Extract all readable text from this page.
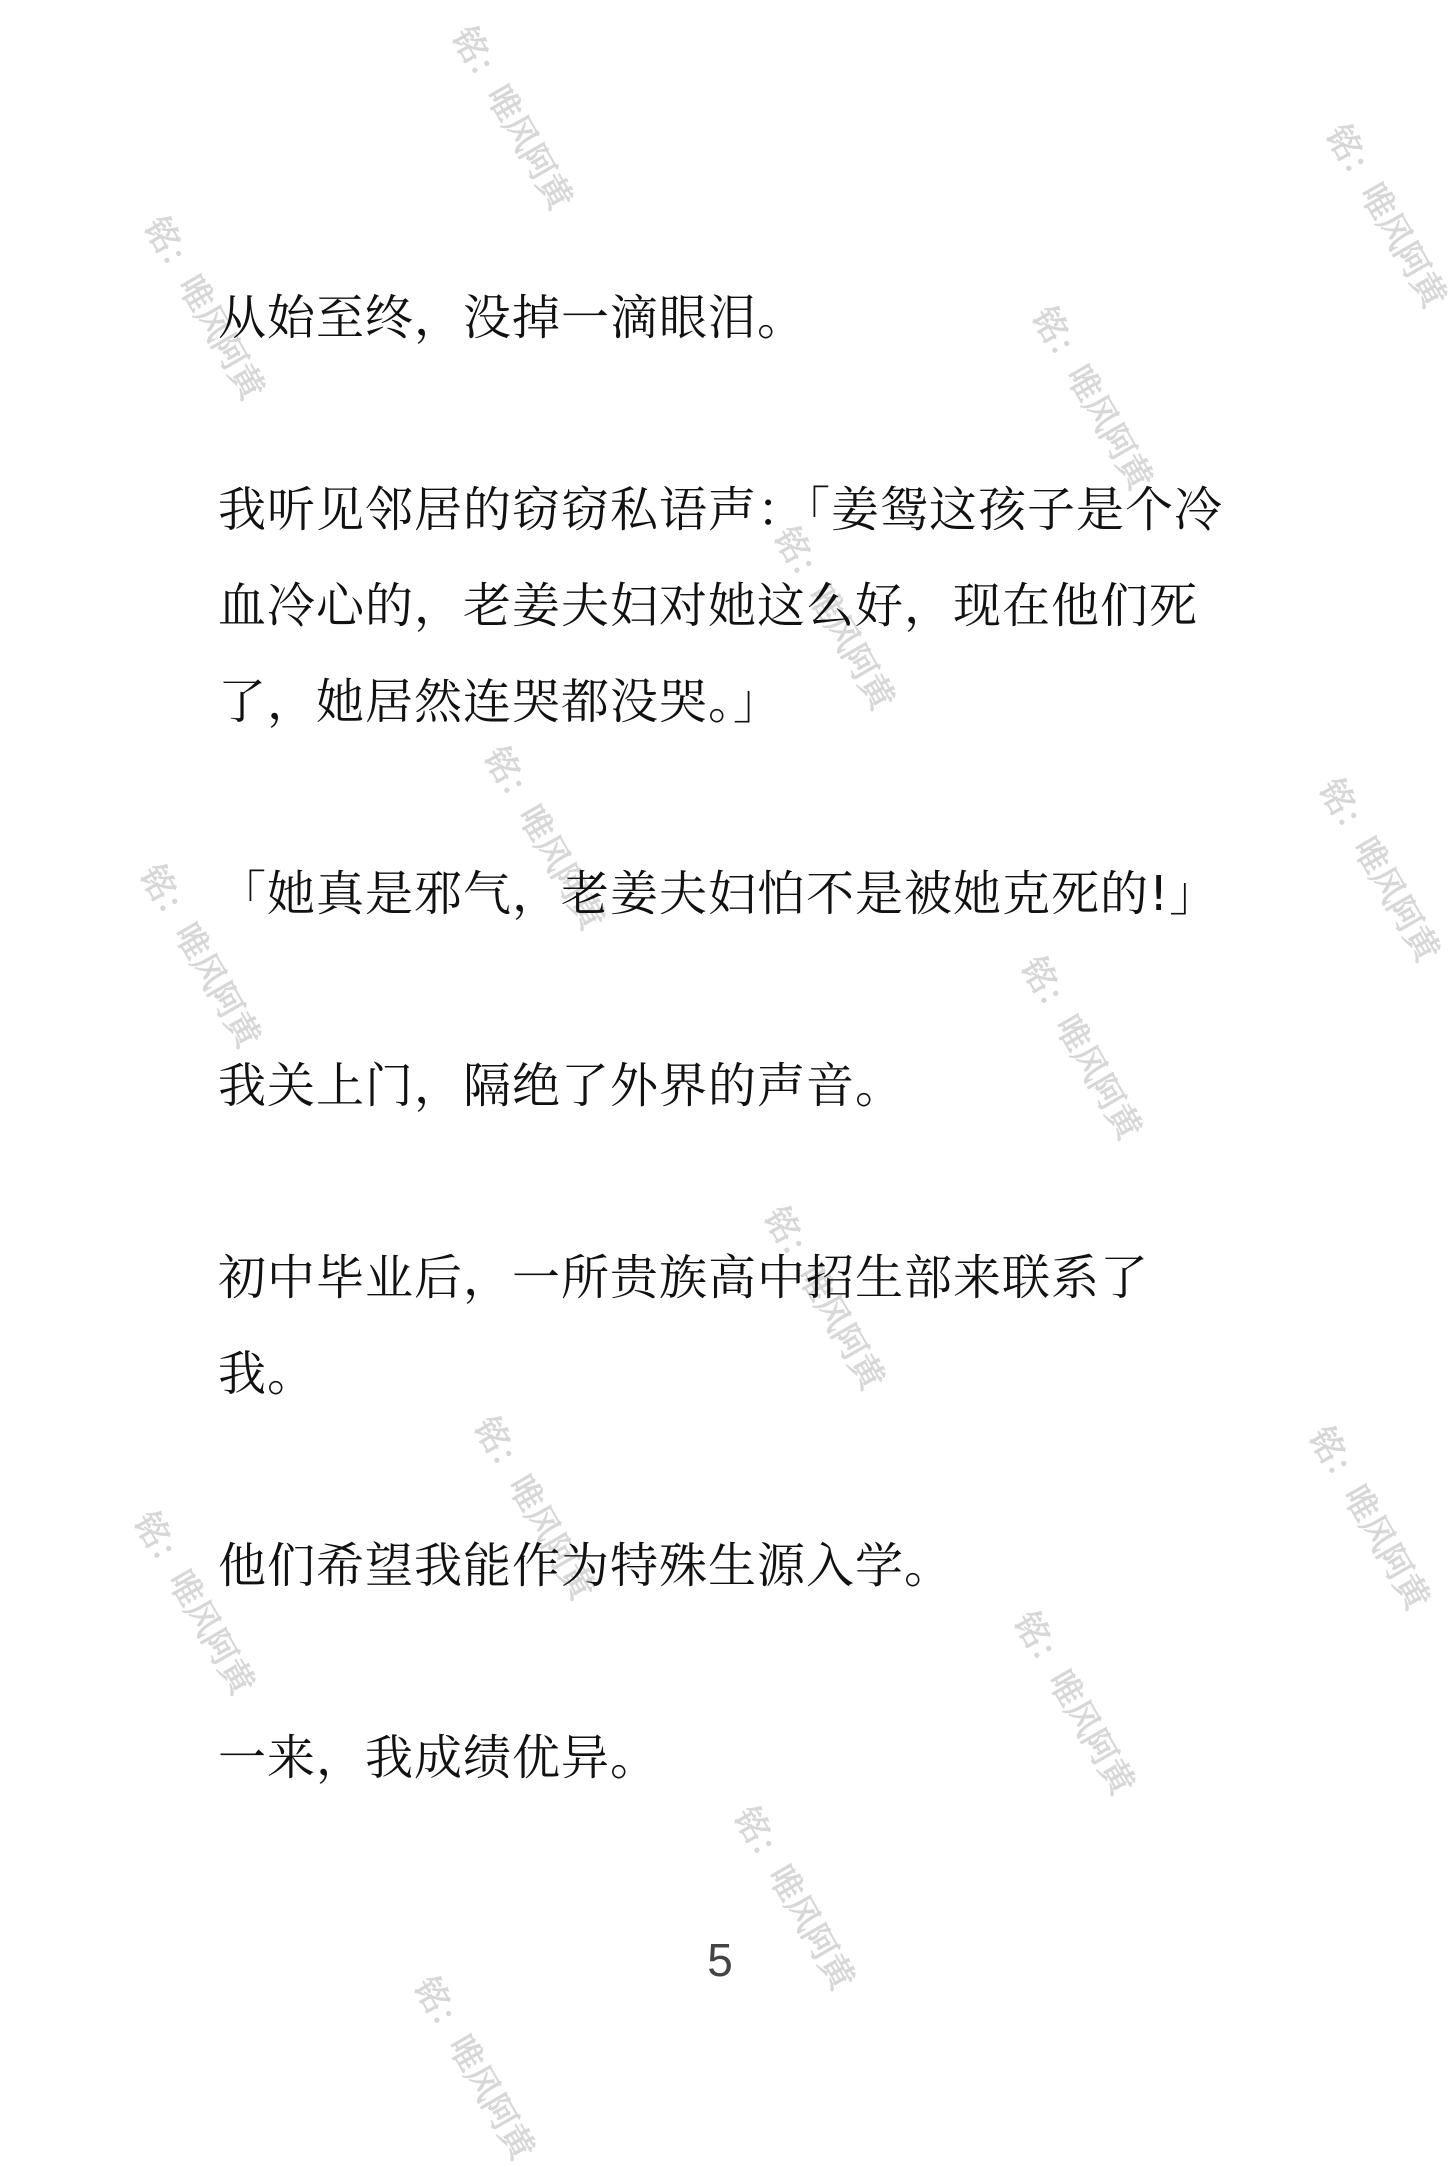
铭：唯风阿黄	铭：唯风阿黄
铭：唯风阿黄	铭：唯风阿黄
铭：唯风阿黄
铭：唯风阿黄	铭：唯风阿黄
铭：唯风阿黄	铭：唯风阿黄
铭：唯风阿黄
铭：唯风阿黄	铭：唯风阿黄
铭：唯风阿黄
铭：唯风阿黄
铭：唯风阿黄
铭：唯风阿黄

从始至终，没掉一滴眼泪。

我听见邻居的窃窃私语声：「姜鸳这孩子是个冷血冷心的，老姜夫妇对她这么好，现在他们死了，她居然连哭都没哭。」

「她真是邪气，老姜夫妇怕不是被她克死的!」

我关上门，隔绝了外界的声音。

初中毕业后，一所贵族高中招生部来联系了我。

他们希望我能作为特殊生源入学。

一来，我成绩优异。

5
